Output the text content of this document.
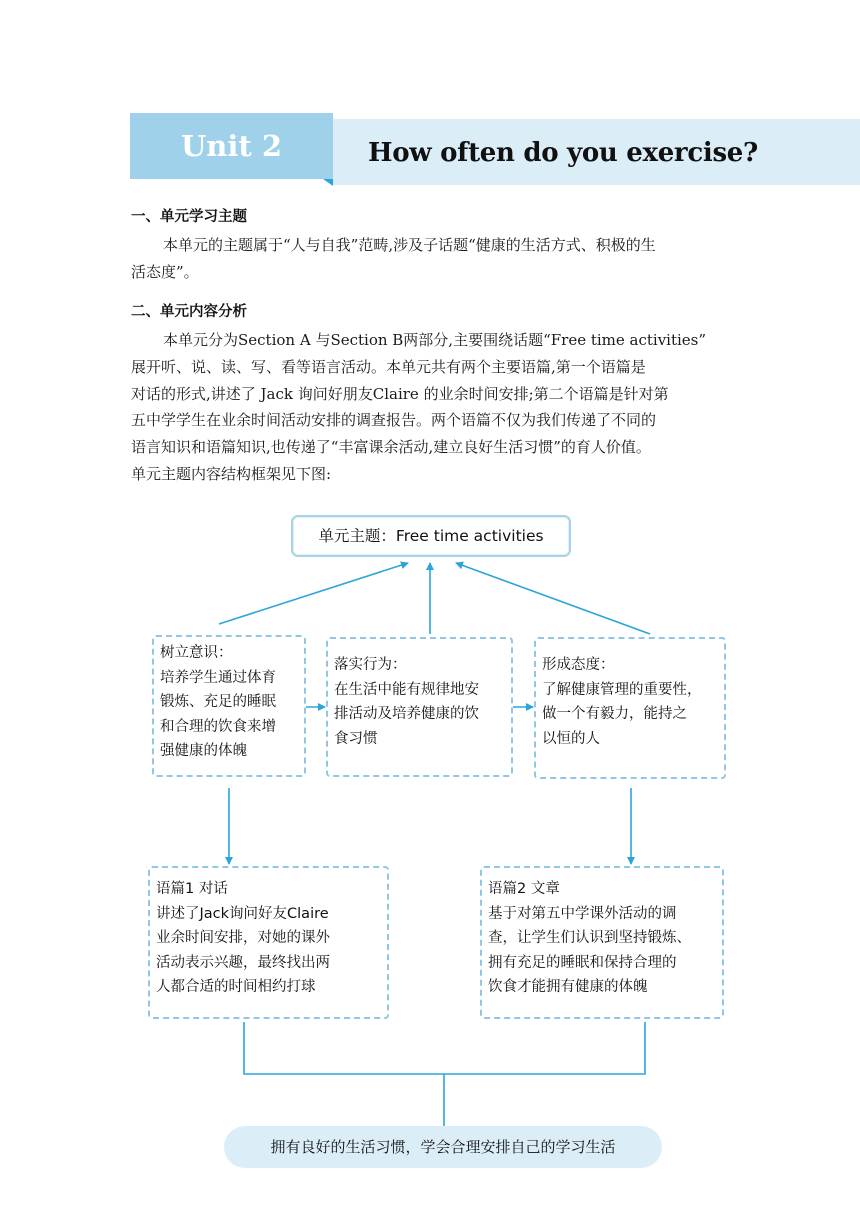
Unit 2	How often do you exercise?
一、单元学习主题
本单元的主题属于“人与自我”范畴,涉及子话题“健康的生活方式、积极的生
活态度”。
二、单元内容分析
本单元分为Section A 与Section B两部分,主要围绕话题“Free time activities”
展开听、说、读、写、看等语言活动。本单元共有两个主要语篇,第一个语篇是
对话的形式,讲述了 Jack 询问好朋友Claire 的业余时间安排;第二个语篇是针对第
五中学学生在业余时间活动安排的调查报告。两个语篇不仅为我们传递了不同的
语言知识和语篇知识,也传递了“丰富课余活动,建立良好生活习惯”的育人价值。
单元主题内容结构框架见下图:
单元主题：Free time activities
树立意识：
培养学生通过体育
锻炼、充足的睡眠
和合理的饮食来增
强健康的体魄
落实行为：
在生活中能有规律地安
排活动及培养健康的饮
食习惯
形成态度：
了解健康管理的重要性，
做一个有毅力，能持之
以恒的人
语篇1 对话
讲述了Jack询问好友Claire
业余时间安排，对她的课外
活动表示兴趣，最终找出两
人都合适的时间相约打球
语篇2 文章
基于对第五中学课外活动的调
查，让学生们认识到坚持锻炼、
拥有充足的睡眠和保持合理的
饮食才能拥有健康的体魄
拥有良好的生活习惯，学会合理安排自己的学习生活
